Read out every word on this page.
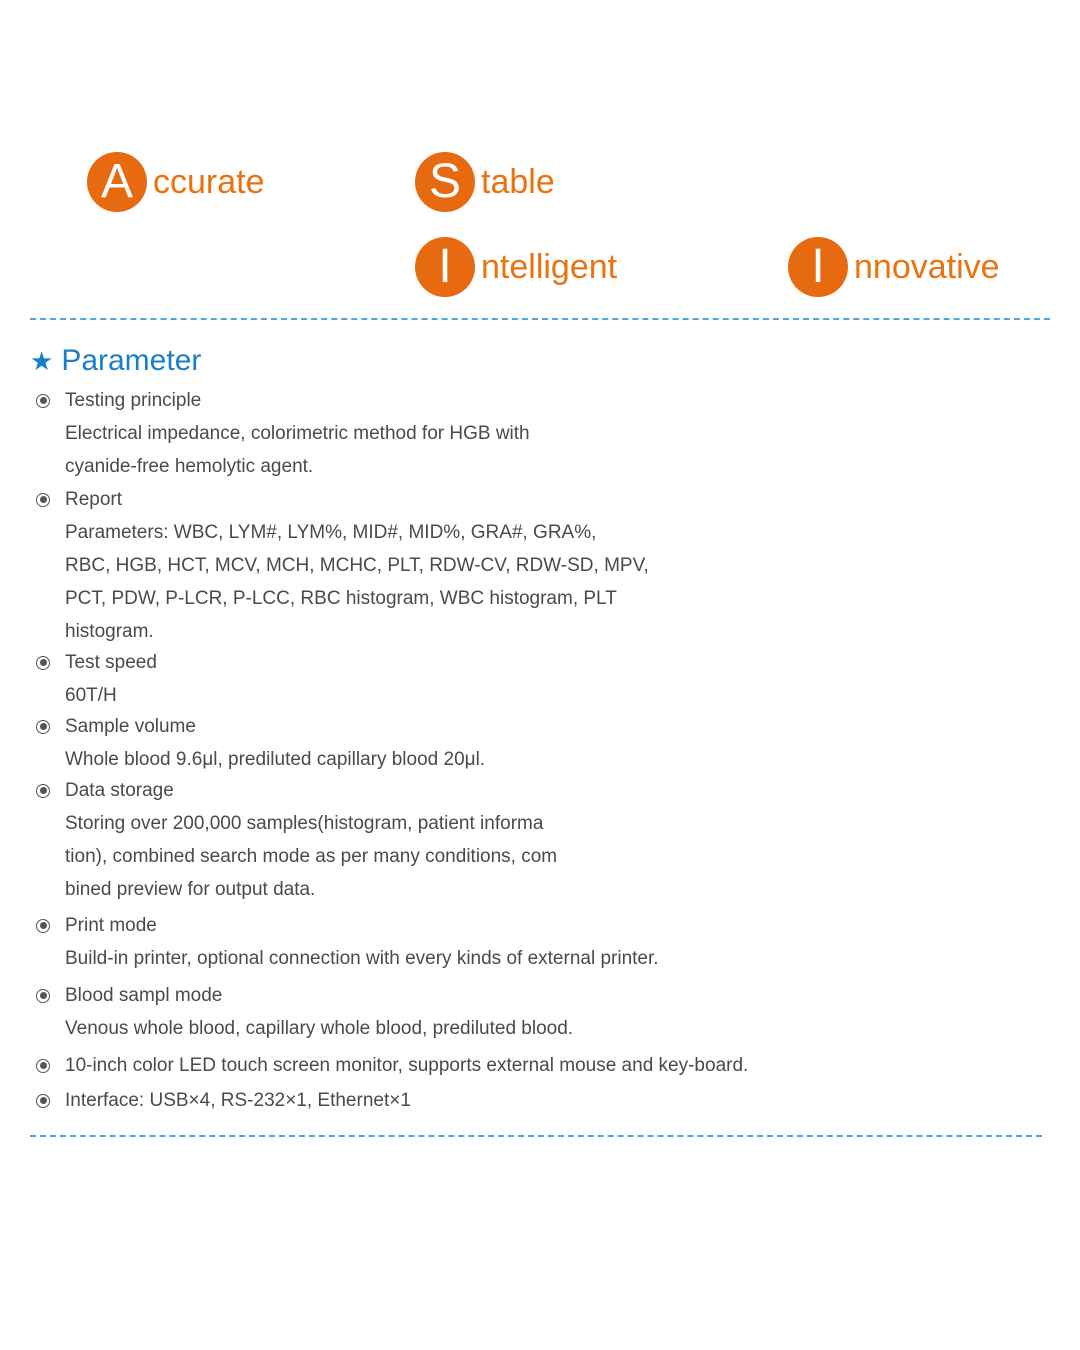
A ccurate	S table
I ntelligent	I nnovative
★ Parameter
Testing principle
Electrical impedance, colorimetric method for HGB with
cyanide-free hemolytic agent.
Report
Parameters: WBC, LYM#, LYM%, MID#, MID%, GRA#, GRA%,
RBC, HGB, HCT, MCV, MCH, MCHC, PLT, RDW-CV, RDW-SD, MPV,
PCT, PDW, P-LCR, P-LCC, RBC histogram, WBC histogram, PLT
histogram.
Test speed
60T/H
Sample volume
Whole blood 9.6μl, prediluted capillary blood 20μl.
Data storage
Storing over 200,000 samples(histogram, patient informa
tion), combined search mode as per many conditions, com
bined preview for output data.
Print mode
Build-in printer, optional connection with every kinds of external printer.
Blood sampl mode
Venous whole blood, capillary whole blood, prediluted blood.
10-inch color LED touch screen monitor, supports external mouse and key-board.
Interface: USB×4, RS-232×1, Ethernet×1
